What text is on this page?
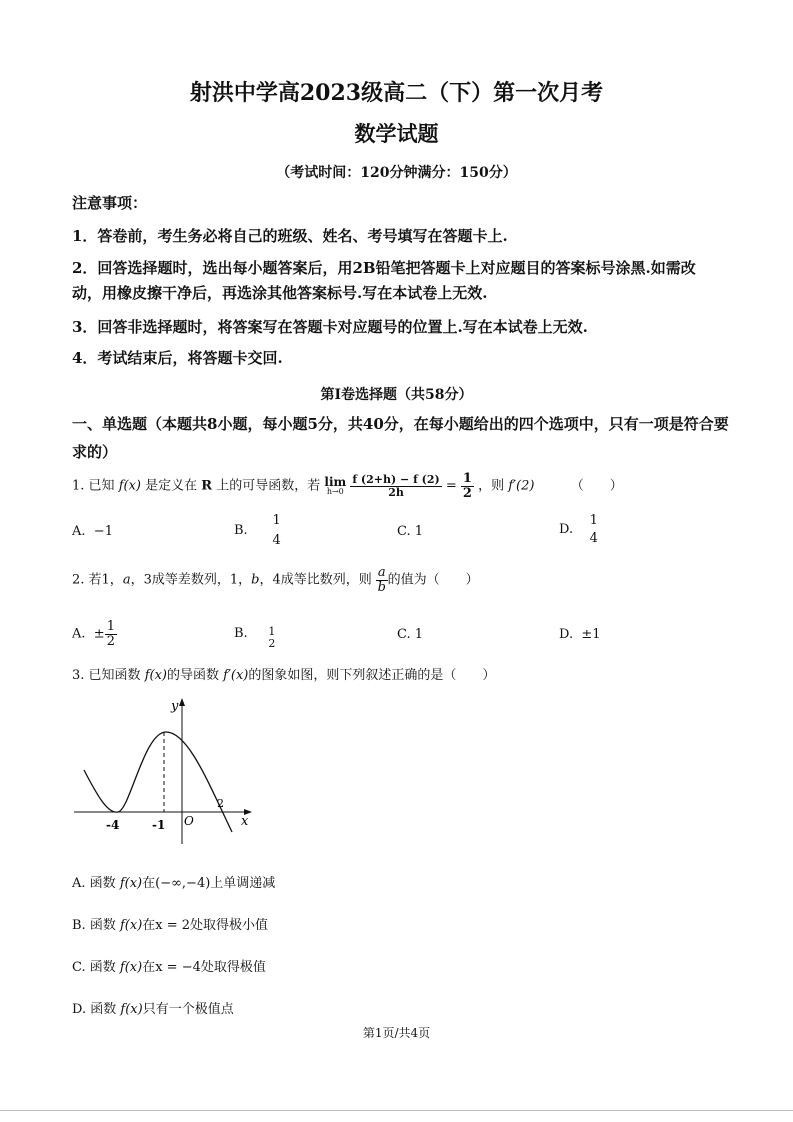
射洪中学高2023级高二（下）第一次月考
数学试题
（考试时间：120分钟满分：150分）
注意事项：
1．答卷前，考生务必将自己的班级、姓名、考号填写在答题卡上.
2．回答选择题时，选出每小题答案后，用2B铅笔把答题卡上对应题目的答案标号涂黑.如需改动，用橡皮擦干净后，再选涂其他答案标号.写在本试卷上无效.
3．回答非选择题时，将答案写在答题卡对应题号的位置上.写在本试卷上无效.
4．考试结束后，将答题卡交回.
第I卷选择题（共58分）
一、单选题（本题共8小题，每小题5分，共40分，在每小题给出的四个选项中，只有一项是符合要求的）
1. 已知 f(x) 是定义在 R 上的可导函数，若 lim
h→0
$\frac{f (2+h) - f (2)}{2h} = \frac{1}{2}$ ，则 f′(2)	（　　）
A. −1	B.
1
4
C. 1	D.
1
4
2. 若1，a，3成等差数列，1，b，4成等比数列，则 $\frac{a}{b}$ 的值为（　　）
A. ± $\frac{1}{2}$	B. 1
2
C. 1	D. ±1
3. 已知函数 f(x)的导函数 f′(x)的图象如图，则下列叙述正确的是（　　）
y
x
O
-4	-1
2
A. 函数 f(x)在(−∞,−4)上单调递减
B. 函数 f(x)在x = 2处取得极小值
C. 函数 f(x)在x = −4处取得极值
D. 函数 f(x)只有一个极值点
第1页/共4页
